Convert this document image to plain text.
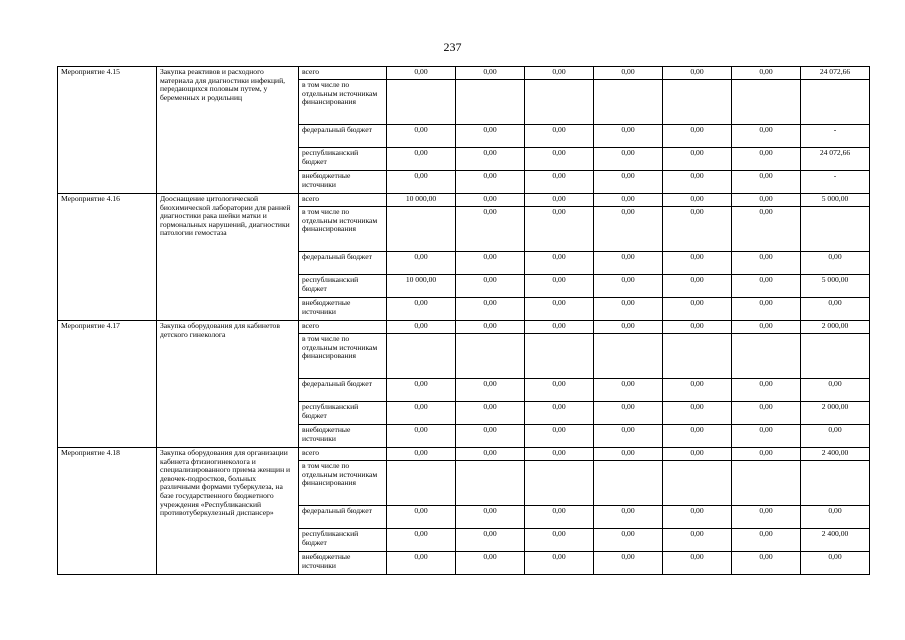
237
Мероприятие 4.15	Закупка реактивов и расходного материала для диагностики инфекций, передающихся половым путем, у беременных и родильниц	всего	0,00	0,00	0,00	0,00	0,00	0,00	24 072,66
		в том числе по отдельным источникам финансирования							
		федеральный бюджет	0,00	0,00	0,00	0,00	0,00	0,00	-
		республиканский бюджет	0,00	0,00	0,00	0,00	0,00	0,00	24 072,66
		внебюджетные источники	0,00	0,00	0,00	0,00	0,00	0,00	-
Мероприятие 4.16	Дооснащение цитологической биохимической лаборатории для ранней диагностики рака шейки матки и гормональных нарушений, диагностики патологии гемостаза	всего	10 000,00	0,00	0,00	0,00	0,00	0,00	5 000,00
		в том числе по отдельным источникам финансирования		0,00	0,00	0,00	0,00	0,00	
		федеральный бюджет	0,00	0,00	0,00	0,00	0,00	0,00	0,00
		республиканский бюджет	10 000,00	0,00	0,00	0,00	0,00	0,00	5 000,00
		внебюджетные источники	0,00	0,00	0,00	0,00	0,00	0,00	0,00
Мероприятие 4.17	Закупка оборудования для кабинетов детского гинеколога	всего	0,00	0,00	0,00	0,00	0,00	0,00	2 000,00
		в том числе по отдельным источникам финансирования							
		федеральный бюджет	0,00	0,00	0,00	0,00	0,00	0,00	0,00
		республиканский бюджет	0,00	0,00	0,00	0,00	0,00	0,00	2 000,00
		внебюджетные источники	0,00	0,00	0,00	0,00	0,00	0,00	0,00
Мероприятие 4.18	Закупка оборудования для организации кабинета фтизиогинеколога и специализированного приема женщин и девочек-подростков, больных различными формами туберкулеза, на базе государственного бюджетного учреждения «Республиканский противотуберкулезный диспансер»	всего	0,00	0,00	0,00	0,00	0,00	0,00	2 400,00
		в том числе по отдельным источникам финансирования							
		федеральный бюджет	0,00	0,00	0,00	0,00	0,00	0,00	0,00
		республиканский бюджет	0,00	0,00	0,00	0,00	0,00	0,00	2 400,00
		внебюджетные источники	0,00	0,00	0,00	0,00	0,00	0,00	0,00
